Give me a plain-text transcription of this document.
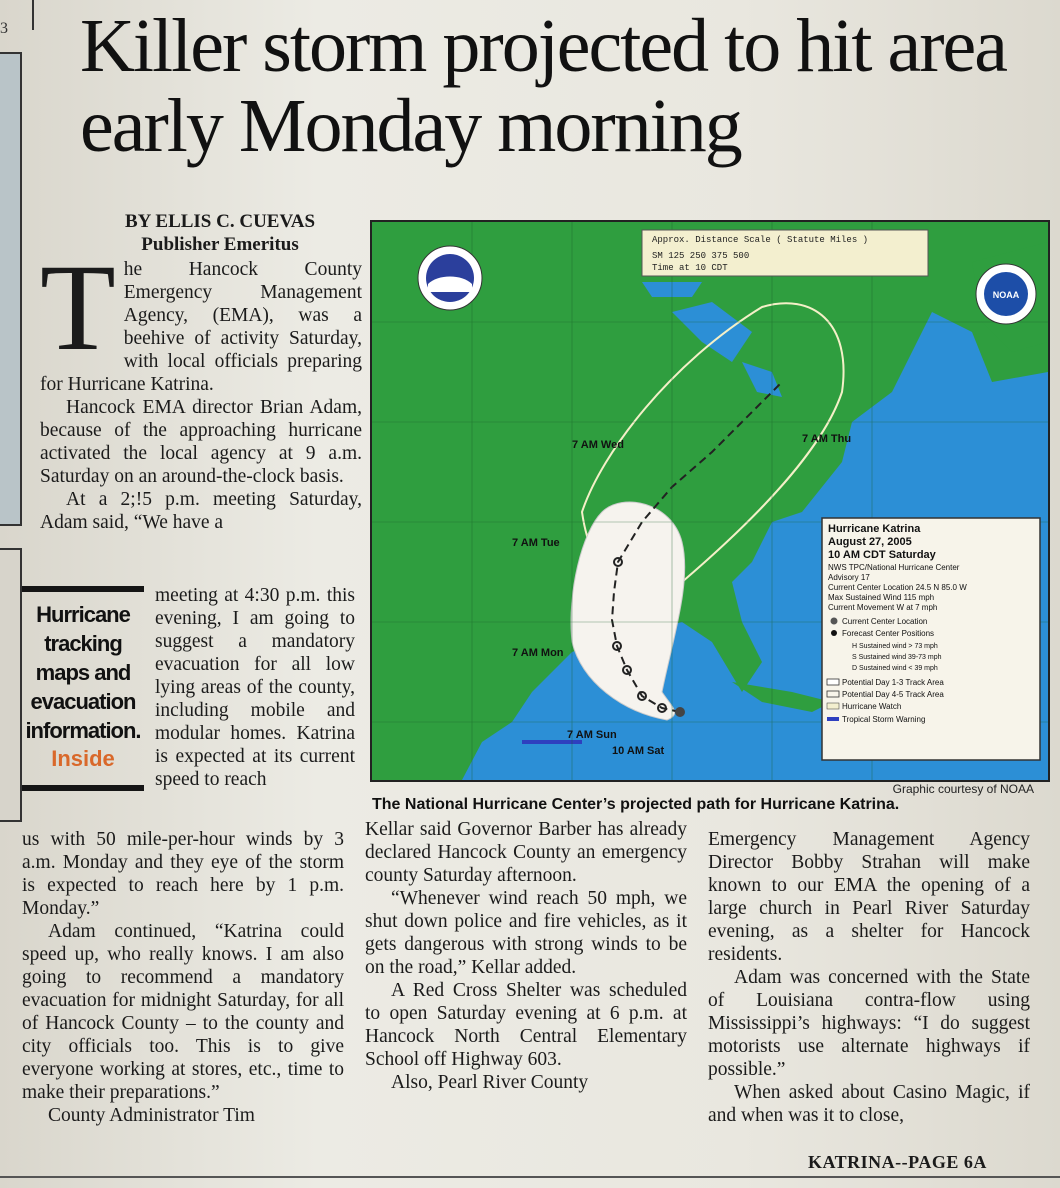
3 Killer storm projected to hit area early Monday morning
BY ELLIS C. CUEVAS
Publisher Emeritus

The Hancock County Emergency Management Agency, (EMA), was a beehive of activity Saturday, with local officials preparing for Hurricane Katrina.

Hancock EMA director Brian Adam, because of the approaching hurricane activated the local agency at 9 a.m. Saturday on an around-the-clock basis.

At a 2;!5 p.m. meeting Saturday, Adam said, “We have a

Hurricane
tracking
maps and
evacuation
information.
Inside

meeting at 4:30 p.m. this evening, I am going to suggest a mandatory evacuation for all low lying areas of the county, including mobile and modular homes. Katrina is expected at its current speed to reach

us with 50 mile-per-hour winds by 3 a.m. Monday and they eye of the storm is expected to reach here by 1 p.m. Monday.”

Adam continued, “Katrina could speed up, who really knows. I am also going to recommend a mandatory evacuation for midnight Saturday, for all of Hancock County – to the county and city officials too. This is to give everyone working at stores, etc., time to make their preparations.”

County Administrator Tim

NOAA
Approx. Distance Scale ( Statute Miles )
SM 125 250 375 500
Time at 10 CDT
7 AM Wed	7 AM Thu
7 AM Tue
7 AM Mon
7 AM Sun
10 AM Sat
Hurricane Katrina
August 27, 2005
10 AM CDT Saturday
NWS TPC/National Hurricane Center
Advisory 17
Current Center Location 24.5 N 85.0 W
Max Sustained Wind 115 mph
Current Movement W at 7 mph
Current Center Location
Forecast Center Positions
H Sustained wind > 73 mph
S Sustained wind 39-73 mph
D Sustained wind < 39 mph
Potential Day 1-3 Track Area
Potential Day 4-5 Track Area
Hurricane Watch
Tropical Storm Warning
Graphic courtesy of NOAA
The National Hurricane Center’s projected path for Hurricane Katrina.

Kellar said Governor Barber has already declared Hancock County an emergency county Saturday afternoon.

“Whenever wind reach 50 mph, we shut down police and fire vehicles, as it gets dangerous with strong winds to be on the road,” Kellar added.

A Red Cross Shelter was scheduled to open Saturday evening at 6 p.m. at Hancock North Central Elementary School off Highway 603.

Also, Pearl River County

Emergency Management Agency Director Bobby Strahan will make known to our EMA the opening of a large church in Pearl River Saturday evening, as a shelter for Hancock residents.

Adam was concerned with the State of Louisiana contra-flow using Mississippi’s highways: “I do suggest motorists use alternate highways if possible.”

When asked about Casino Magic, if and when was it to close,

KATRINA--PAGE 6A
